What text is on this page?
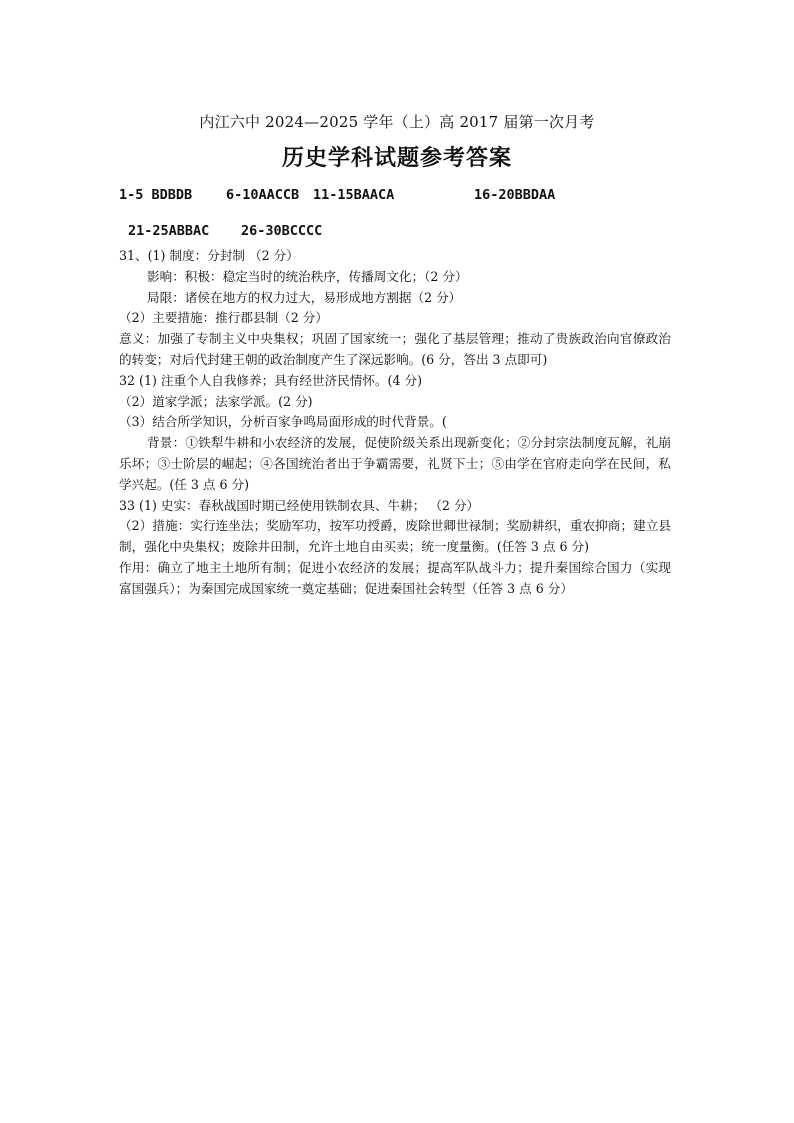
内江六中 2024—2025 学年（上）高 2017 届第一次月考
历史学科试题参考答案
1-5 BDBDB	6-10AACCB 11-15BAACA	16-20BBDAA
21-25ABBAC 26-30BCCCC

31、(1) 制度：分封制 （2 分）

影响：积极：稳定当时的统治秩序，传播周文化；（2 分）

局限：诸侯在地方的权力过大，易形成地方割据（2 分）

（2）主要措施：推行郡县制（2 分）

意义：加强了专制主义中央集权；巩固了国家统一；强化了基层管理；推动了贵族政治向官僚政治的转变；对后代封建王朝的政治制度产生了深远影响。(6 分，答出 3 点即可)

32 (1) 注重个人自我修养；具有经世济民情怀。(4 分)

（2）道家学派；法家学派。(2 分)

（3）结合所学知识，分析百家争鸣局面形成的时代背景。(

背景：①铁犁牛耕和小农经济的发展，促使阶级关系出现新变化；②分封宗法制度瓦解，礼崩乐坏；③士阶层的崛起；④各国统治者出于争霸需要，礼贤下士；⑤由学在官府走向学在民间，私学兴起。(任 3 点 6 分)

33 (1) 史实：春秋战国时期已经使用铁制农具、牛耕； （2 分）

（2）措施：实行连坐法；奖励军功，按军功授爵，废除世卿世禄制；奖励耕织，重农抑商；建立县制，强化中央集权；废除井田制，允许土地自由买卖；统一度量衡。(任答 3 点 6 分)

作用：确立了地主土地所有制；促进小农经济的发展；提高军队战斗力；提升秦国综合国力（实现富国强兵）；为秦国完成国家统一奠定基础；促进秦国社会转型（任答 3 点 6 分）
